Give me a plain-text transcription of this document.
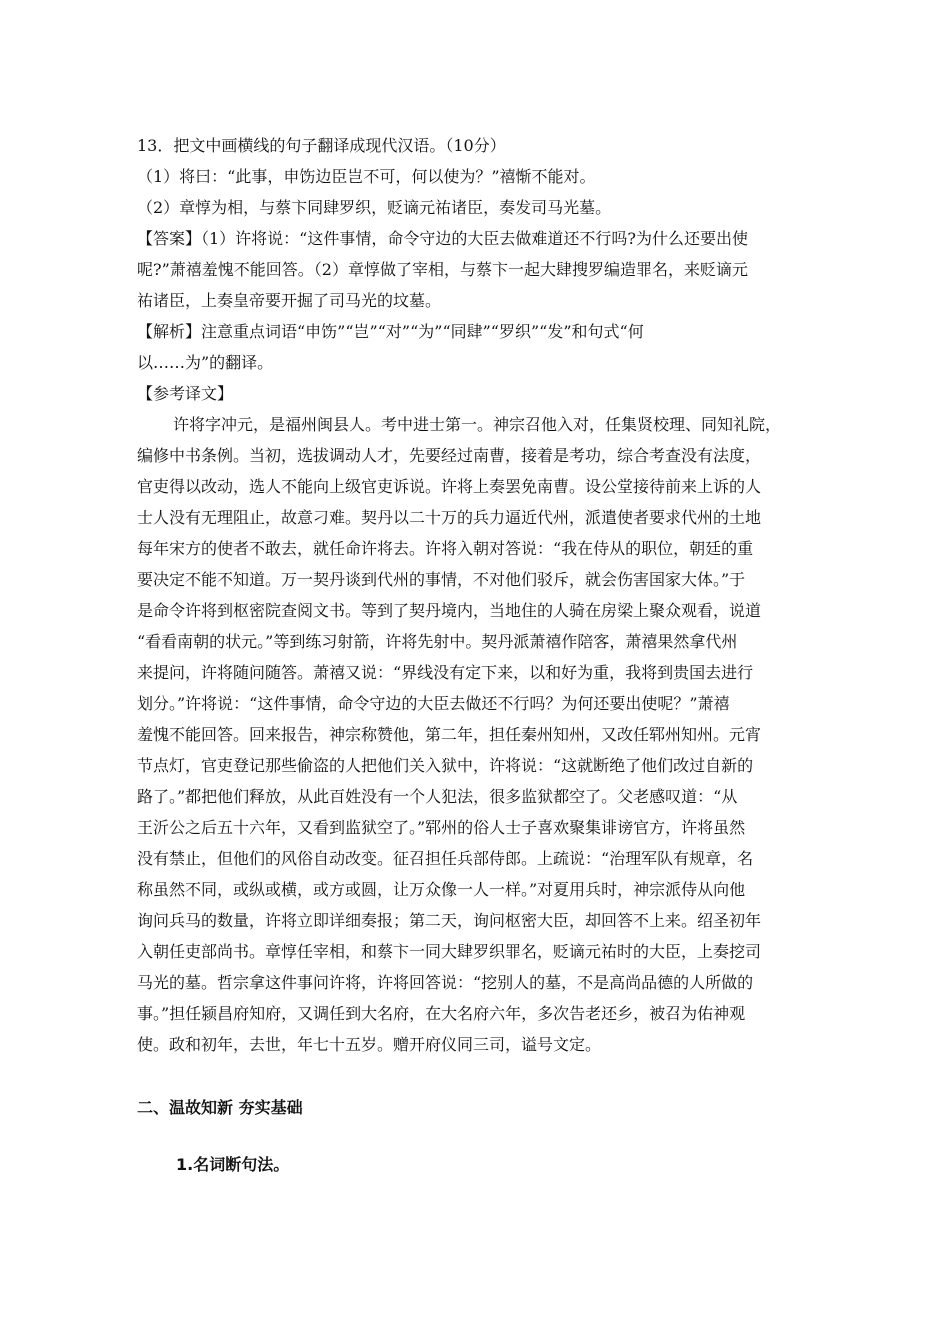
13．把文中画横线的句子翻译成现代汉语。（10分）
（1）将曰：“此事，申饬边臣岂不可，何以使为？”禧惭不能对。
（2）章惇为相，与蔡卞同肆罗织，贬谪元祐诸臣，奏发司马光墓。
【答案】（1）许将说：“这件事情，命令守边的大臣去做难道还不行吗?为什么还要出使
呢?”萧禧羞愧不能回答。（2）章惇做了宰相，与蔡卞一起大肆搜罗编造罪名，来贬谪元
祐诸臣，上奏皇帝要开掘了司马光的坟墓。
【解析】注意重点词语“申饬”“岂”“对”“为”“同肆”“罗织”“发”和句式“何
以……为”的翻译。
【参考译文】
许将字冲元，是福州闽县人。考中进士第一。神宗召他入对，任集贤校理、同知礼院，
编修中书条例。当初，选拔调动人才，先要经过南曹，接着是考功，综合考查没有法度，
官吏得以改动，选人不能向上级官吏诉说。许将上奏罢免南曹。设公堂接待前来上诉的人
士人没有无理阻止，故意刁难。契丹以二十万的兵力逼近代州，派遣使者要求代州的土地
每年宋方的使者不敢去，就任命许将去。许将入朝对答说：“我在侍从的职位，朝廷的重
要决定不能不知道。万一契丹谈到代州的事情，不对他们驳斥，就会伤害国家大体。”于
是命令许将到枢密院查阅文书。等到了契丹境内，当地住的人骑在房梁上聚众观看，说道
“看看南朝的状元。”等到练习射箭，许将先射中。契丹派萧禧作陪客，萧禧果然拿代州
来提问，许将随问随答。萧禧又说：“界线没有定下来，以和好为重，我将到贵国去进行
划分。”许将说：“这件事情，命令守边的大臣去做还不行吗？为何还要出使呢？”萧禧
羞愧不能回答。回来报告，神宗称赞他，第二年，担任秦州知州，又改任郓州知州。元宵
节点灯，官吏登记那些偷盗的人把他们关入狱中，许将说：“这就断绝了他们改过自新的
路了。”都把他们释放，从此百姓没有一个人犯法，很多监狱都空了。父老感叹道：“从
王沂公之后五十六年，又看到监狱空了。”郓州的俗人士子喜欢聚集诽谤官方，许将虽然
没有禁止，但他们的风俗自动改变。征召担任兵部侍郎。上疏说：“治理军队有规章，名
称虽然不同，或纵或横，或方或圆，让万众像一人一样。”对夏用兵时，神宗派侍从向他
询问兵马的数量，许将立即详细奏报；第二天，询问枢密大臣，却回答不上来。绍圣初年
入朝任吏部尚书。章惇任宰相，和蔡卞一同大肆罗织罪名，贬谪元祐时的大臣，上奏挖司
马光的墓。哲宗拿这件事问许将，许将回答说：“挖别人的墓，不是高尚品德的人所做的
事。”担任颍昌府知府，又调任到大名府，在大名府六年，多次告老还乡，被召为佑神观
使。政和初年，去世，年七十五岁。赠开府仪同三司，谥号文定。
二、温故知新 夯实基础
1.名词断句法。
